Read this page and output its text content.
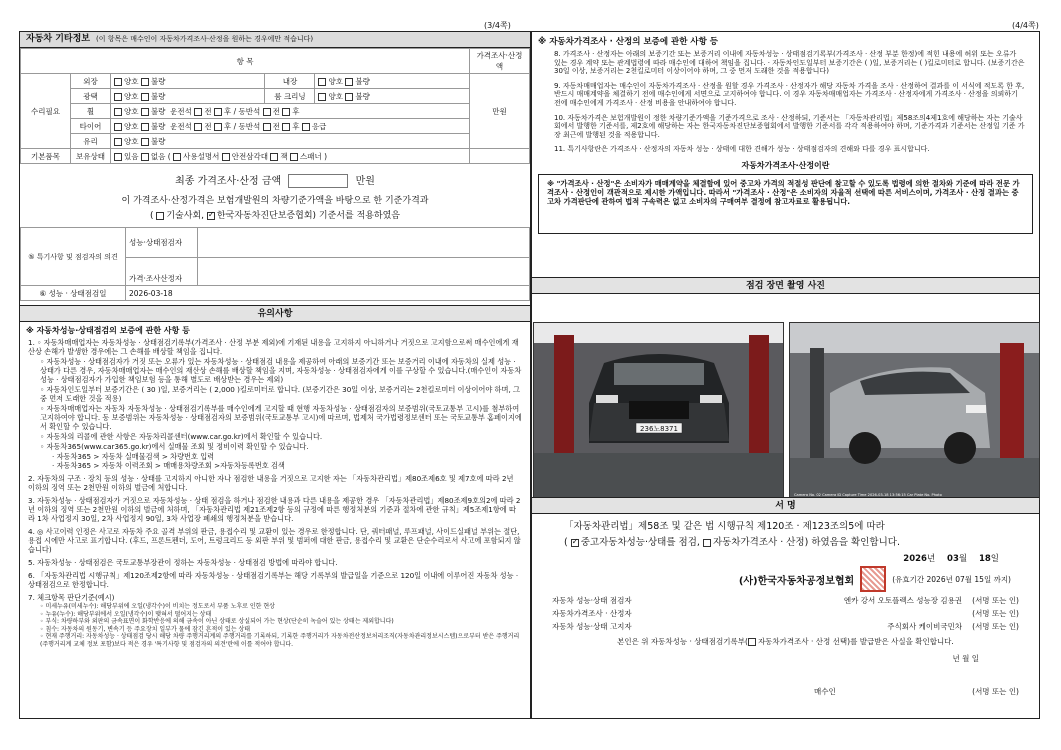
(3/4쪽)	(4/4쪽)
자동차 기타정보 (이 항목은 매수인이 자동차가격조사·산정을 원하는 경우에만 적습니다)
항 목					가격조사·산정액
수리필요	외장	양호 불량	내장	양호 불량	만원
	광택	양호 불량	룸 크리닝	양호 불량	
	휠	양호 불량 운전석 전 후 / 동반석 전 후			
	타이어	양호 불량 운전석 전 후 / 동반석 전 후 응급			
	유리	양호 불량			
기본품목	보유상태	있음 없음 ( 사용설명서 안전삼각대 잭 스패너 )			
최종 가격조사·산정 금액	만원
이 가격조사·산정가격은 보험개발원의 차량기준가액을 바탕으로 한 기준가격과
( 기술사회, ✓ 한국자동차진단보증협회) 기준서를 적용하였음
⑤ 특기사항 및 점검자의 의견	성능·상태점검자	
	가격·조사산정자	
⑥ 성능 · 상태점검일	2026-03-18	
유의사항
※ 자동차성능·상태점검의 보증에 관한 사항 등
1. ◦ 자동차매매업자는 자동차성능 · 상태점검기록부(가격조사 · 산정 부분 제외)에 기재된 내용을 고지하지 아니하거나 거짓으로 고지함으로써 매수인에게 재산상 손해가 발생한 경우에는 그 손해를 배상할 책임을 집니다.
◦ 자동차성능 · 상태점검자가 거짓 또는 오류가 있는 자동차성능 · 상태점검 내용을 제공하여 아래의 보증기간 또는 보증거리 이내에 자동차의 실제 성능 · 상태가 다른 경우, 자동차매매업자는 매수인의 재산상 손해를 배상할 책임을 지며, 자동차성능 · 상태점검자에게 이를 구상할 수 있습니다.(매수인이 자동차성능 · 상태점검자가 가입한 책임보험 등을 통해 별도로 배상받는 경우는 제외)
◦ 자동차인도일부터 보증기간은 ( 30 )일, 보증거리는 ( 2,000 )킬로미터로 합니다. (보증기간은 30일 이상, 보증거리는 2천킬로미터 이상이어야 하며, 그 중 먼저 도래한 것을 적용)
◦ 자동차매매업자는 자동차 자동차성능 · 상태점검기록부를 매수인에게 고지할 때 현행 자동차성능 · 상태점검자의 보증범위(국토교통부 고시)를 첨부하여 고지하여야 합니다. 동 보증범위는 자동차성능 · 상태점검자의 보증범위(국토교통부 고시)에 따르며, 법제처 국가법령정보센터 또는 국토교통부 홈페이지에서 확인할 수 있습니다.
◦ 자동차의 리콜에 관한 사항은 자동차리콜센터(www.car.go.kr)에서 확인할 수 있습니다.
◦ 자동차365(www.car365.go.kr)에서 실매물 조회 및 정비이력 확인할 수 있습니다.
· 자동차365 > 자동차 실매물검색 > 차량번호 입력
· 자동차365 > 자동차 이력조회 > 매매용차량조회 >자동차등록번호 검색
2. 자동차의 구조 · 장치 등의 성능 · 상태를 고지하지 아니한 자나 점검한 내용을 거짓으로 고지한 자는 「자동차관리법」제80조제6호 및 제7호에 따라 2년 이하의 징역 또는 2천만원 이하의 벌금에 처합니다.
3. 자동차성능 · 상태점검자가 거짓으로 자동차성능 · 상태 점검을 하거나 점검한 내용과 다른 내용을 제공한 경우 「자동차관리법」제80조제9호의2에 따라 2년 이하의 징역 또는 2천만원 이하의 벌금에 처하며, 「자동차관리법 제21조제2항 등의 규정에 따른 행정처분의 기준과 절차에 관한 규칙」제5조제1항에 따라 1차 사업정지 30일, 2차 사업정지 90일, 3차 사업장 폐쇄의 행정처분을 받습니다.
4. ◎ 사고이력 인정은 사고로 자동차 주요 골격 부위의 판금, 용접수리 및 교환이 있는 경우로 한정합니다. 단, 쿼터패널, 루프패널, 사이드실패널 부위는 절단, 용접 시에만 사고로 표기합니다. (후드, 프론트펜더, 도어, 트렁크리드 등 외판 부위 및 범퍼에 대한 판금, 용접수리 및 교환은 단순수리로서 사고에 포함되지 않습니다)
5. 자동차성능 · 상태점검은 국토교통부장관이 정하는 자동차성능 · 상태점검 방법에 따라야 합니다.
6. 「자동차관리법 시행규칙」제120조제2항에 따라 자동차성능 · 상태점검기록부는 해당 기록부의 발급일을 기준으로 120일 이내에 이루어진 자동차 성능 · 상태점검으로 한정합니다.
7. 체크항목 판단기준(예시)
◦ 미세누유(미세누수): 해당부위에 오일(냉각수)이 비치는 정도로서 부품 노후로 인한 현상
◦ 누유(누수): 해당부위에서 오일(냉각수)이 맺혀서 떨어지는 상태
◦ 부식: 차량하부와 외판의 금속표면이 화학반응에 의해 금속이 아닌 상태로 상실되어 가는 현상(단순히 녹슬어 있는 상태는 제외합니다)
◦ 침수: 자동차의 원동기, 변속기 등 주요장치 일부가 물에 잠긴 흔적이 있는 상태
◦ 현재 주행거리: 자동차성능 · 상태점검 당시 해당 차량 주행거리계의 주행거리를 기록하되, 기록한 주행거리가 자동차전산정보처리조직(자동차관리정보시스템)으로부터 받은 주행거리(주행거리계 교체 정보 포함)보다 적은 경우 '특기사항 및 점검자의 의견'란에 이를 적어야 합니다.
※ 자동차가격조사 · 산정의 보증에 관한 사항 등
8. 가격조사 · 산정자는 아래의 보증기간 또는 보증거리 이내에 자동차성능 · 상태점검기록부(가격조사 · 산정 부분 한정)에 적힌 내용에 허위 또는 오류가 있는 경우 계약 또는 관계법령에 따라 매수인에 대하여 책임을 집니다. · 자동차인도일부터 보증기간은 ( )일, 보증거리는 ( )킬로미터로 합니다. (보증기간은 30일 이상, 보증거리는 2천킬로미터 이상이어야 하며, 그 중 먼저 도래한 것을 적용합니다)
9. 자동차매매업자는 매수인이 자동차가격조사 · 산정을 원할 경우 가격조사 · 산정자가 해당 자동차 가격을 조사 · 산정하여 결과를 이 서식에 적도록 한 후, 반드시 매매계약을 체결하기 전에 매수인에게 서면으로 고지하여야 합니다. 이 경우 자동차매매업자는 가격조사 · 산정자에게 가격조사 · 산정을 의뢰하기 전에 매수인에게 가격조사 · 산정 비용을 안내하여야 합니다.
10. 자동차가격은 보험개발원이 정한 차량기준가액을 기준가격으로 조사 · 산정하되, 기준서는 「자동차관리법」제58조의4제1호에 해당하는 자는 기술사회에서 발행한 기준서를, 제2호에 해당하는 자는 한국자동차진단보증협회에서 발행한 기준서를 각각 적용하여야 하며, 기준가격과 기준서는 산정일 기준 가장 최근에 발행된 것을 적용합니다.
11. 특기사항란은 가격조사 · 산정자의 자동차 성능 · 상태에 대한 견해가 성능 · 상태점검자의 견해와 다를 경우 표시합니다.
자동차가격조사·산정이란
※ "가격조사 · 산정"은 소비자가 매매계약을 체결함에 있어 중고차 가격의 적절성 판단에 참고할 수 있도록 법령에 의한 절차와 기준에 따라 전문 가격조사 · 산정인이 객관적으로 제시한 가액입니다. 따라서 "가격조사 · 산정"은 소비자의 자율적 선택에 따른 서비스이며, 가격조사 · 산정 결과는 중고차 가격판단에 관하여 법적 구속력은 없고 소비자의 구매여부 결정에 참고자료로 활용됩니다.
점검 장면 촬영 사진
236노8371
Camera No. 02 Camera ID Capture Time 2026-03-18 13:56:15 Car Plate No. Photo
서 명
「자동차관리법」제58조 및 같은 법 시행규칙 제120조 · 제123조의5에 따라
( ✓중고자동차성능·상태를 점검, 자동차가격조사 · 산정) 하였음을 확인합니다.
2026년 03월 18일
(사)한국자동차공정보협회	(유효기간 2026년 07월 15일 까지)
자동차 성능·상태 점검자	엔카 강서 오토플렉스 성능장 김용권 (서명 또는 인)
자동차가격조사 · 산정자	(서명 또는 인)
자동차 성능·상태 고지자	주식회사 케이비국민차 (서명 또는 인)
본인은 위 자동차성능 · 상태점검기록부( 자동차가격조사 · 산정 선택)를 발급받은 사실을 확인합니다.
년 월 일
매수인	(서명 또는 인)
